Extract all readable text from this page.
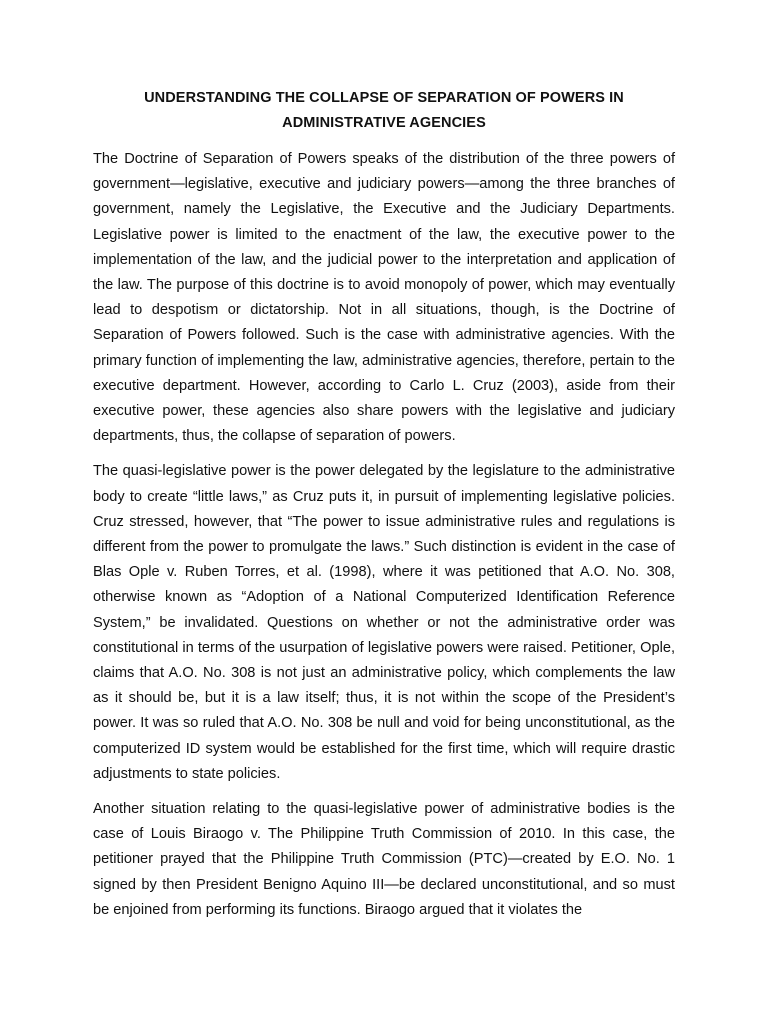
UNDERSTANDING THE COLLAPSE OF SEPARATION OF POWERS IN
ADMINISTRATIVE AGENCIES

The Doctrine of Separation of Powers speaks of the distribution of the three powers of government—legislative, executive and judiciary powers—among the three branches of government, namely the Legislative, the Executive and the Judiciary Departments. Legislative power is limited to the enactment of the law, the executive power to the implementation of the law, and the judicial power to the interpretation and application of the law. The purpose of this doctrine is to avoid monopoly of power, which may eventually lead to despotism or dictatorship. Not in all situations, though, is the Doctrine of Separation of Powers followed. Such is the case with administrative agencies. With the primary function of implementing the law, administrative agencies, therefore, pertain to the executive department. However, according to Carlo L. Cruz (2003), aside from their executive power, these agencies also share powers with the legislative and judiciary departments, thus, the collapse of separation of powers.

The quasi-legislative power is the power delegated by the legislature to the administrative body to create “little laws,” as Cruz puts it, in pursuit of implementing legislative policies. Cruz stressed, however, that “The power to issue administrative rules and regulations is different from the power to promulgate the laws.” Such distinction is evident in the case of Blas Ople v. Ruben Torres, et al. (1998), where it was petitioned that A.O. No. 308, otherwise known as “Adoption of a National Computerized Identification Reference System,” be invalidated. Questions on whether or not the administrative order was constitutional in terms of the usurpation of legislative powers were raised. Petitioner, Ople, claims that A.O. No. 308 is not just an administrative policy, which complements the law as it should be, but it is a law itself; thus, it is not within the scope of the President’s power. It was so ruled that A.O. No. 308 be null and void for being unconstitutional, as the computerized ID system would be established for the first time, which will require drastic adjustments to state policies.

Another situation relating to the quasi-legislative power of administrative bodies is the case of Louis Biraogo v. The Philippine Truth Commission of 2010. In this case, the petitioner prayed that the Philippine Truth Commission (PTC)—created by E.O. No. 1 signed by then President Benigno Aquino III—be declared unconstitutional, and so must be enjoined from performing its functions. Biraogo argued that it violates the
